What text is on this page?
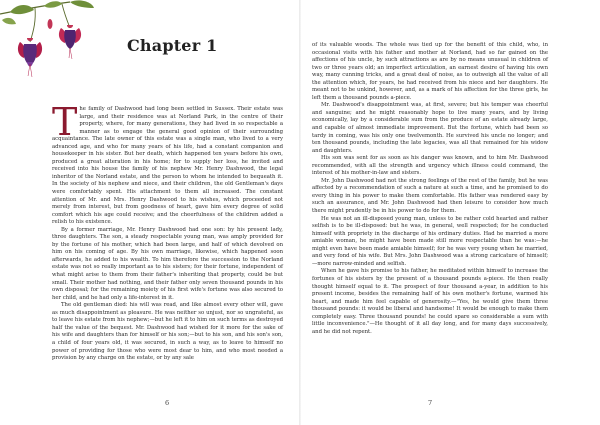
Chapter 1

The family of Dashwood had long been settled in Sussex. Their estate was large, and their residence was at Norland Park, in the centre of their property, where, for many generations, they had lived in so respectable a manner as to engage the general good opinion of their surrounding acquaintance. The late owner of this estate was a single man, who lived to a very advanced age, and who for many years of his life, had a constant companion and housekeeper in his sister. But her death, which happened ten years before his own, produced a great alteration in his home; for to supply her loss, he invited and received into his house the family of his nephew Mr. Henry Dashwood, the legal inheritor of the Norland estate, and the person to whom he intended to bequeath it. In the society of his nephew and niece, and their children, the old Gentleman's days were comfortably spent. His attachment to them all increased. The constant attention of Mr. and Mrs. Henry Dashwood to his wishes, which proceeded not merely from interest, but from goodness of heart, gave him every degree of solid comfort which his age could receive; and the cheerfulness of the children added a relish to his existence.

By a former marriage, Mr. Henry Dashwood had one son: by his present lady, three daughters. The son, a steady respectable young man, was amply provided for by the fortune of his mother, which had been large, and half of which devolved on him on his coming of age. By his own marriage, likewise, which happened soon afterwards, he added to his wealth. To him therefore the succession to the Norland estate was not so really important as to his sisters; for their fortune, independent of what might arise to them from their father's inheriting that property, could be but small. Their mother had nothing, and their father only seven thousand pounds in his own disposal; for the remaining moiety of his first wife's fortune was also secured to her child, and he had only a life-interest in it.

The old gentleman died: his will was read, and like almost every other will, gave as much disappointment as pleasure. He was neither so unjust, nor so ungrateful, as to leave his estate from his nephew;—but he left it to him on such terms as destroyed half the value of the bequest. Mr. Dashwood had wished for it more for the sake of his wife and daughters than for himself or his son;—but to his son, and his son's son, a child of four years old, it was secured, in such a way, as to leave to himself no power of providing for those who were most dear to him, and who most needed a provision by any charge on the estate, or by any sale

6

of its valuable woods. The whole was tied up for the benefit of this child, who, in occasional visits with his father and mother at Norland, had so far gained on the affections of his uncle, by such attractions as are by no means unusual in children of two or three years old; an imperfect articulation, an earnest desire of having his own way, many cunning tricks, and a great deal of noise, as to outweigh all the value of all the attention which, for years, he had received from his niece and her daughters. He meant not to be unkind, however, and, as a mark of his affection for the three girls, he left them a thousand pounds a-piece.

Mr. Dashwood's disappointment was, at first, severe; but his temper was cheerful and sanguine; and he might reasonably hope to live many years, and by living economically, lay by a considerable sum from the produce of an estate already large, and capable of almost immediate improvement. But the fortune, which had been so tardy in coming, was his only one twelvemonth. He survived his uncle no longer; and ten thousand pounds, including the late legacies, was all that remained for his widow and daughters.

His son was sent for as soon as his danger was known, and to him Mr. Dashwood recommended, with all the strength and urgency which illness could command, the interest of his mother-in-law and sisters.

Mr. John Dashwood had not the strong feelings of the rest of the family, but he was affected by a recommendation of such a nature at such a time, and he promised to do every thing in his power to make them comfortable. His father was rendered easy by such an assurance, and Mr. John Dashwood had then leisure to consider how much there might prudently be in his power to do for them.

He was not an ill-disposed young man, unless to be rather cold hearted and rather selfish is to be ill-disposed: but he was, in general, well respected; for he conducted himself with propriety in the discharge of his ordinary duties. Had he married a more amiable woman, he might have been made still more respectable than he was:—he might even have been made amiable himself; for he was very young when he married, and very fond of his wife. But Mrs. John Dashwood was a strong caricature of himself;—more narrow-minded and selfish.

When he gave his promise to his father, he meditated within himself to increase the fortunes of his sisters by the present of a thousand pounds a-piece. He then really thought himself equal to it. The prospect of four thousand a-year, in addition to his present income, besides the remaining half of his own mother's fortune, warmed his heart, and made him feel capable of generosity.—"Yes, he would give them three thousand pounds: it would be liberal and handsome! It would be enough to make them completely easy. Three thousand pounds! he could spare so considerable a sum with little inconvenience."—He thought of it all day long, and for many days successively, and he did not repent.

7
